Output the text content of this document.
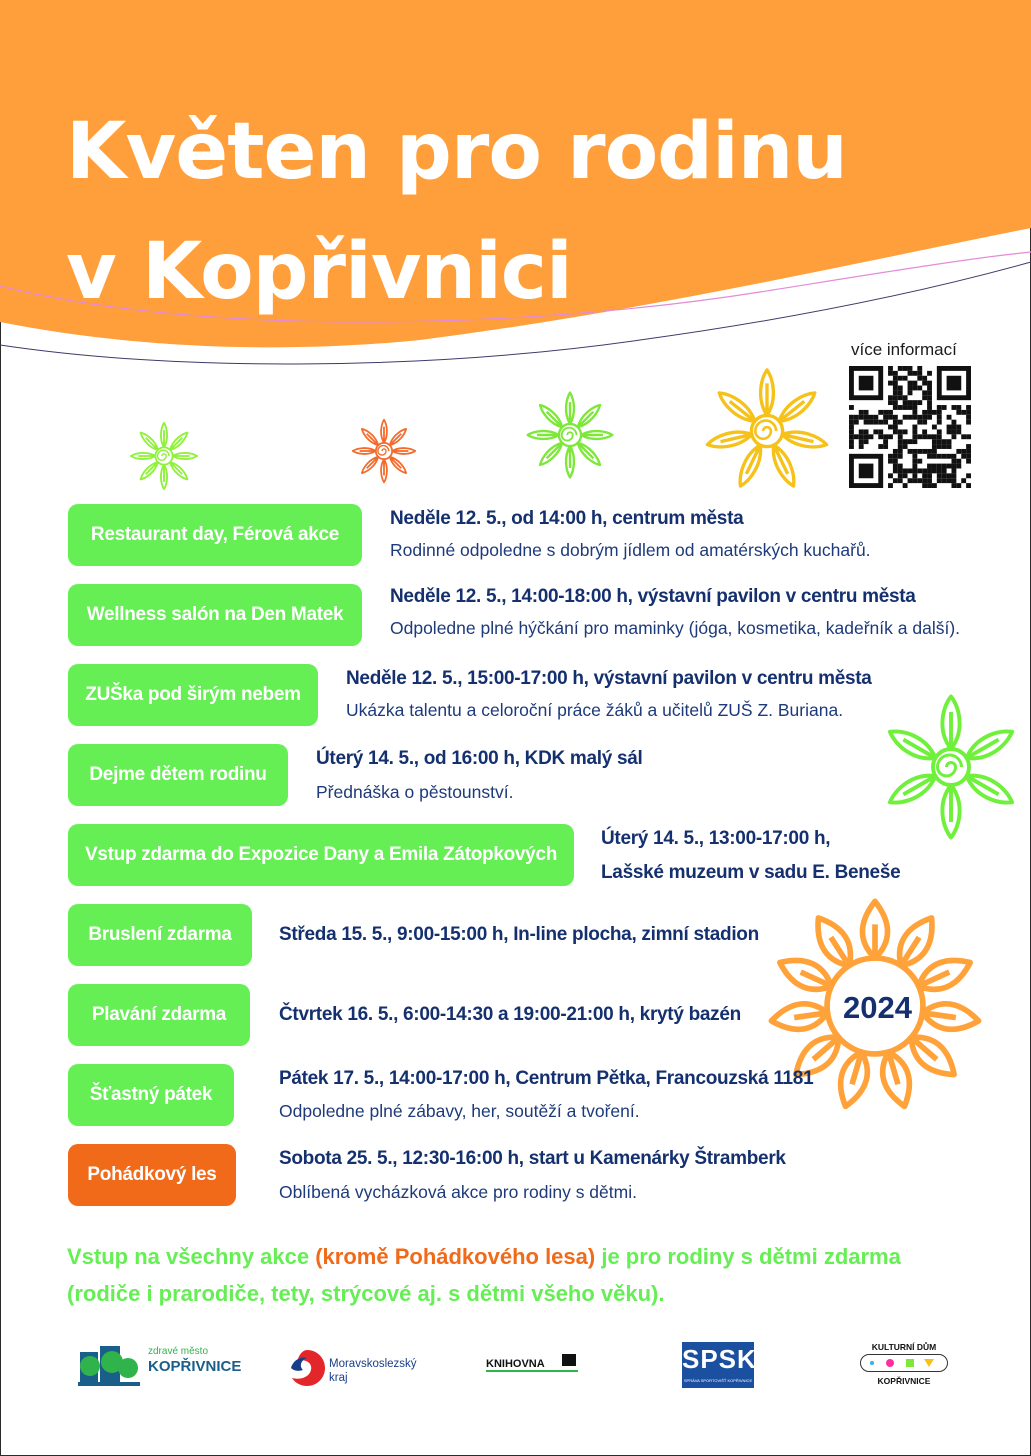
Květen pro rodinu
v Kopřivnici
více informací
2024
Restaurant day, Férová akce
Neděle 12. 5., od 14:00 h, centrum města
Rodinné odpoledne s dobrým jídlem od amatérských kuchařů.
Wellness salón na Den Matek
Neděle 12. 5., 14:00-18:00 h, výstavní pavilon v centru města
Odpoledne plné hýčkání pro maminky (jóga, kosmetika, kadeřník a další).
ZUŠka pod širým nebem
Neděle 12. 5., 15:00-17:00 h, výstavní pavilon v centru města
Ukázka talentu a celoroční práce žáků a učitelů ZUŠ Z. Buriana.
Dejme dětem rodinu
Úterý 14. 5., od 16:00 h, KDK malý sál
Přednáška o pěstounství.
Vstup zdarma do Expozice Dany a Emila Zátopkových
Úterý 14. 5., 13:00-17:00 h,
Lašské muzeum v sadu E. Beneše
Bruslení zdarma Středa 15. 5., 9:00-15:00 h, In-line plocha, zimní stadion
Plavání zdarma	Čtvrtek 16. 5., 6:00-14:30 a 19:00-21:00 h, krytý bazén
Šťastný pátek
Pátek 17. 5., 14:00-17:00 h, Centrum Pětka, Francouzská 1181
Odpoledne plné zábavy, her, soutěží a tvoření.
Pohádkový les
Sobota 25. 5., 12:30-16:00 h, start u Kamenárky Štramberk
Oblíbená vycházková akce pro rodiny s dětmi.
Vstup na všechny akce (kromě Pohádkového lesa) je pro rodiny s dětmi zdarma
(rodiče i prarodiče, tety, strýcové aj. s dětmi všeho věku).
zdravé město
KOPŘIVNICE	Moravskoslezský
kraj
KNIHOVNA	SPSK
SPRÁVA SPORTOVIŠŤ KOPŘIVNICE
KULTURNÍ DŮM
KOPŘIVNICE
